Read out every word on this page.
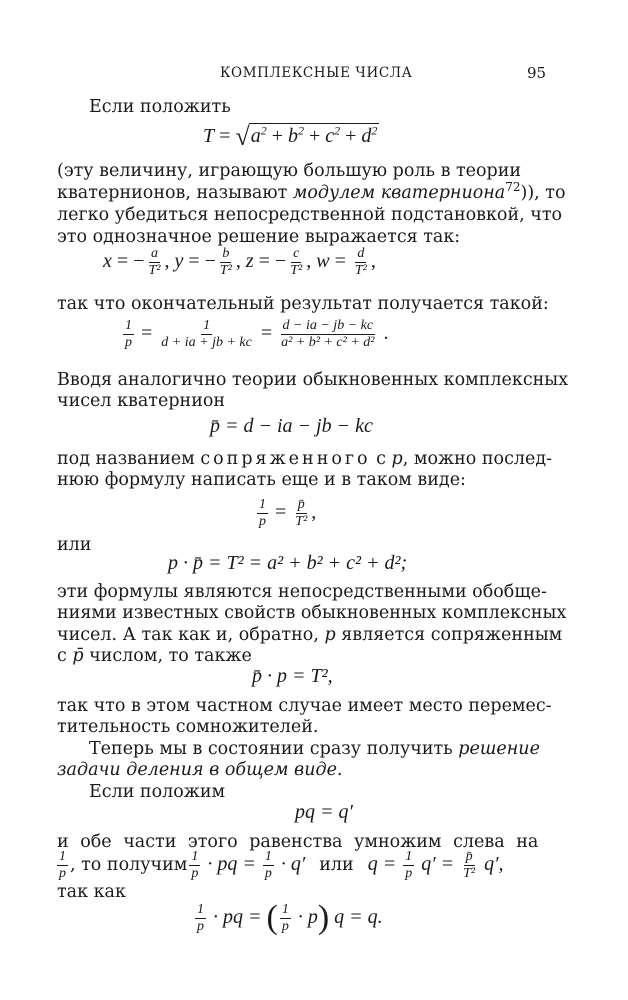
КОМПЛЕКСНЫЕ ЧИСЛА	95
Если положить
$T = √a^2 + b^2 + c^2 + d^2$
(эту величину, играющую большую роль в теории
кватернионов, называют модулем кватерниона$^{72}$)), то
легко убедиться непосредственной подстановкой, что
это однозначное решение выражается так:
x = − $\frac{a}{\text{T²}}$ , y = − $\frac{b}{\text{T²}}$ , z = − $\frac{c}{\text{T²}}$ , $w = \frac{d}{\text{T²}}$ ,
так что окончательный результат получается такой:
$\frac{1}{p} = \frac{1}{d + ia + jb + kc} = \frac{d - ia - jb - kc}{\text{a² + b² + c² + d²}}$ .
Вводя аналогично теории обыкновенных комплексных
чисел кватернион
p̄ = d − ia − jb − kc
под названием сопряженного с p, можно послед-
нюю формулу написать еще и в таком виде:
$\frac{1}{p} = \frac{p̄}{\text{T²}}$ ,
или
p · p̄ = T² = a² + b² + c² + d²;
эти формулы являются непосредственными обобще-
ниями известных свойств обыкновенных комплексных
чисел. А так как и, обратно, p является сопряженным
с p̄ числом, то также
p̄ · p = T²,
так что в этом частном случае имеет место перемес-
тительность сомножителей.
Теперь мы в состоянии сразу получить решение
задачи деления в общем виде.
Если положим
pq = q′
и обе части этого равенства умножим слева на
$\frac{1}{p}$ , то получим $\frac{1}{p}$ · pq = $\frac{1}{p} \cdot q'$ или $q = \frac{1}{p} q' = \frac{p̄}{\text{T²}} q'$,
так как
$\frac{1}{p}$ · pq = ( $\frac{1}{p} \cdot p$) q = q.
